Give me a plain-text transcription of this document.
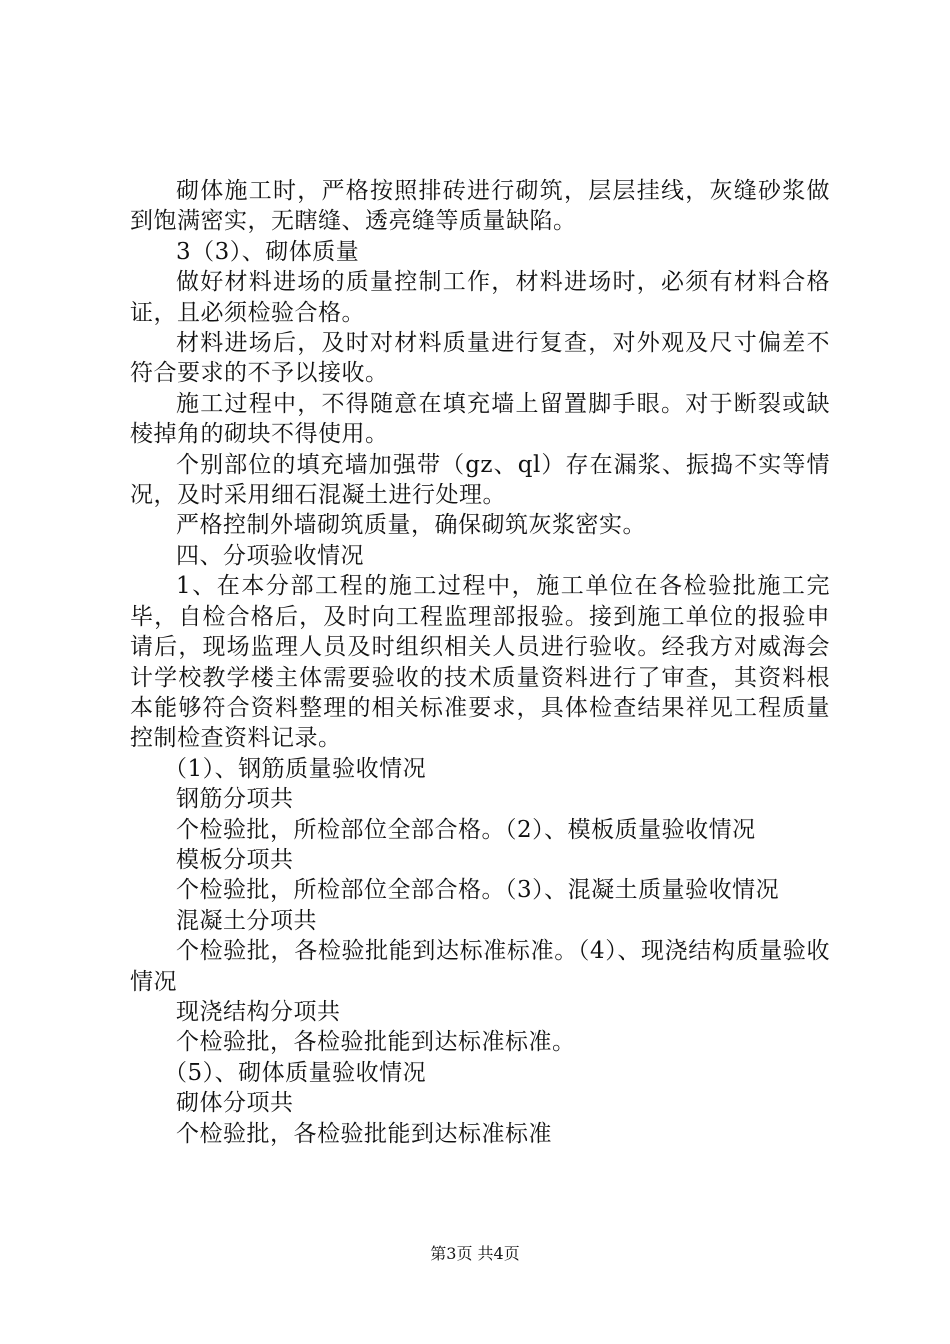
砌体施工时，严格按照排砖进行砌筑，层层挂线，灰缝砂浆做到饱满密实，无瞎缝、透亮缝等质量缺陷。

3（3）、砌体质量

做好材料进场的质量控制工作，材料进场时，必须有材料合格证，且必须检验合格。

材料进场后，及时对材料质量进行复查，对外观及尺寸偏差不符合要求的不予以接收。

施工过程中，不得随意在填充墙上留置脚手眼。对于断裂或缺棱掉角的砌块不得使用。

个别部位的填充墙加强带（gz、ql）存在漏浆、振捣不实等情况，及时采用细石混凝土进行处理。

严格控制外墙砌筑质量，确保砌筑灰浆密实。

四、分项验收情况

1、在本分部工程的施工过程中，施工单位在各检验批施工完毕，自检合格后，及时向工程监理部报验。接到施工单位的报验申请后，现场监理人员及时组织相关人员进行验收。经我方对威海会计学校教学楼主体需要验收的技术质量资料进行了审查，其资料根本能够符合资料整理的相关标准要求，具体检查结果祥见工程质量控制检查资料记录。

（1）、钢筋质量验收情况

钢筋分项共

个检验批，所检部位全部合格。（2）、模板质量验收情况

模板分项共

个检验批，所检部位全部合格。（3）、混凝土质量验收情况

混凝土分项共

个检验批，各检验批能到达标准标准。（4）、现浇结构质量验收情况

现浇结构分项共

个检验批，各检验批能到达标准标准。

（5）、砌体质量验收情况

砌体分项共

个检验批，各检验批能到达标准标准

第3页 共4页
